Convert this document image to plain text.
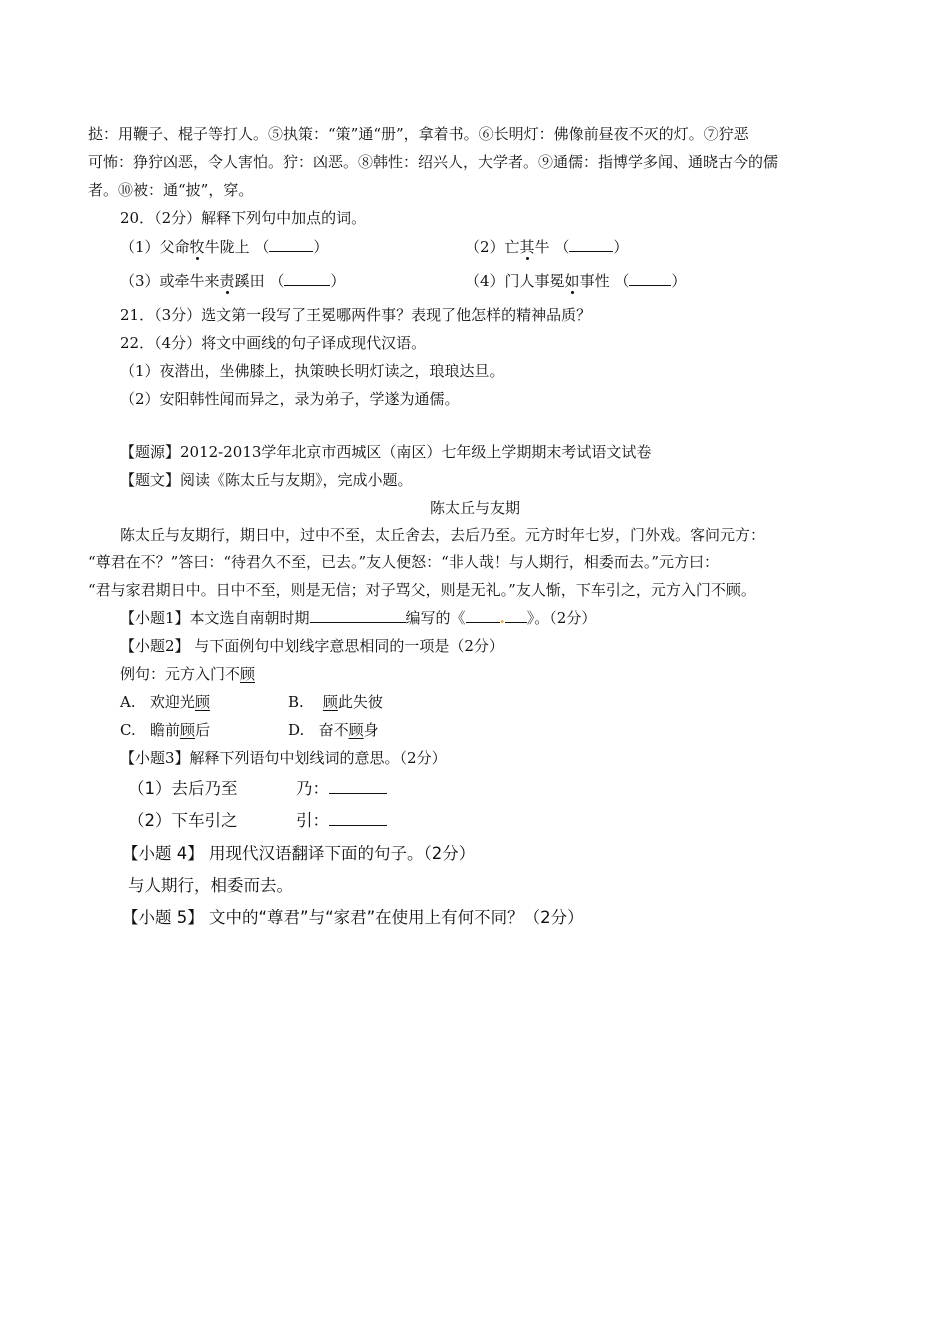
挞：用鞭子、棍子等打人。⑤执策：“策”通“册”，拿着书。⑥长明灯：佛像前昼夜不灭的灯。⑦狞恶
可怖：狰狞凶恶，令人害怕。狞：凶恶。⑧韩性：绍兴人，大学者。⑨通儒：指博学多闻、通晓古今的儒
者。⑩被：通“披”，穿。
20．（2分）解释下列句中加点的词。
（1）父命牧牛陇上 （	）	（2）亡其牛 （	）
（3）或牵牛来责蹊田 （	）	（4）门人事冕如事性 （	）
21．（3分）选文第一段写了王冕哪两件事？表现了他怎样的精神品质？
22．（4分）将文中画线的句子译成现代汉语。
（1）夜潜出，坐佛膝上，执策映长明灯读之，琅琅达旦。
（2）安阳韩性闻而异之，录为弟子，学遂为通儒。
【题源】2012-2013学年北京市西城区（南区）七年级上学期期末考试语文试卷
【题文】阅读《陈太丘与友期》，完成小题。
陈太丘与友期
陈太丘与友期行，期日中，过中不至，太丘舍去，去后乃至。元方时年七岁，门外戏。客问元方：
“尊君在不？”答曰：“待君久不至，已去。”友人便怒：“非人哉！与人期行，相委而去。”元方曰：
“君与家君期日中。日中不至，则是无信；对子骂父，则是无礼。”友人惭，下车引之，元方入门不顾。
【小题1】本文选自南朝时期	编写的《 . 》。（2分）
【小题2】 与下面例句中划线字意思相同的一项是（2分）
例句：元方入门不顾
A. 欢迎光顾	B. 顾此失彼
C. 瞻前顾后	D. 奋不顾身
【小题3】解释下列语句中划线词的意思。（2分）
（1）去后乃至	乃：
（2）下车引之	引：
【小题 4】 用现代汉语翻译下面的句子。（2分）
与人期行，相委而去。
【小题 5】 文中的“尊君”与“家君”在使用上有何不同？（2分）
